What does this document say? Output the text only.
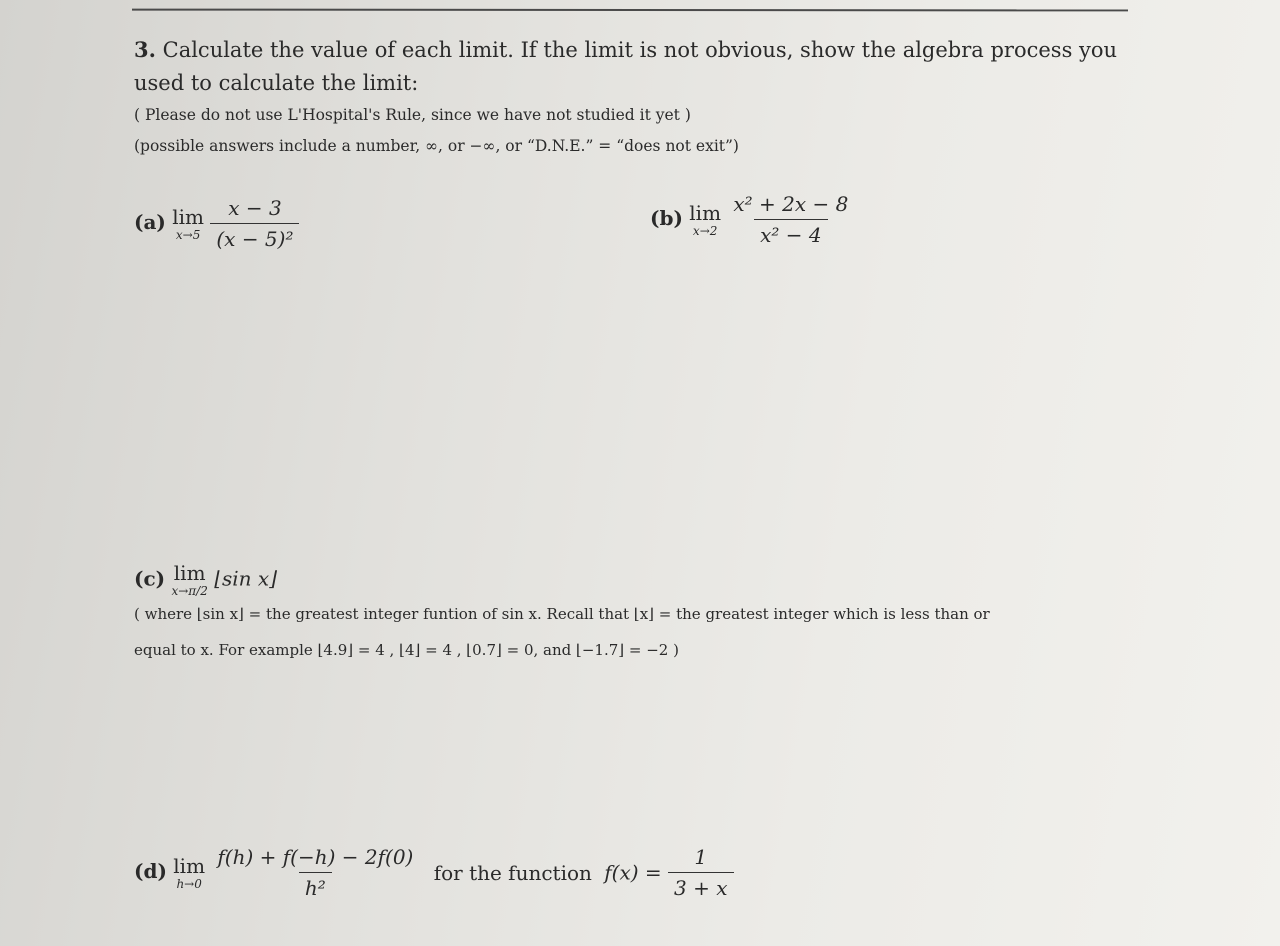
3. Calculate the value of each limit. If the limit is not obvious, show the algebra process you used to calculate the limit:

( Please do not use L'Hospital's Rule, since we have not studied it yet )

(possible answers include a number, ∞, or −∞, or “D.N.E.” = “does not exit”)

(a) lim
x→5
$\frac{x - 3}{\text{(x − 5)²}}$	(b) lim
x→2
$\frac{\text{x² + 2x − 8}}{\text{x² − 4}}$
(c) lim
x→π/2
⌊sin x⌋
( where ⌊sin x⌋ = the greatest integer funtion of sin x. Recall that ⌊x⌋ = the greatest integer which is less than or
equal to x. For example ⌊4.9⌋ = 4 , ⌊4⌋ = 4 , ⌊0.7⌋ = 0, and ⌊−1.7⌋ = −2 )
(d) lim
h→0
$\frac{f(h) + f(-h) - 2f(0)}{\text{h²}}$ for the function $f(x) = \frac{1}{3 + x}$
